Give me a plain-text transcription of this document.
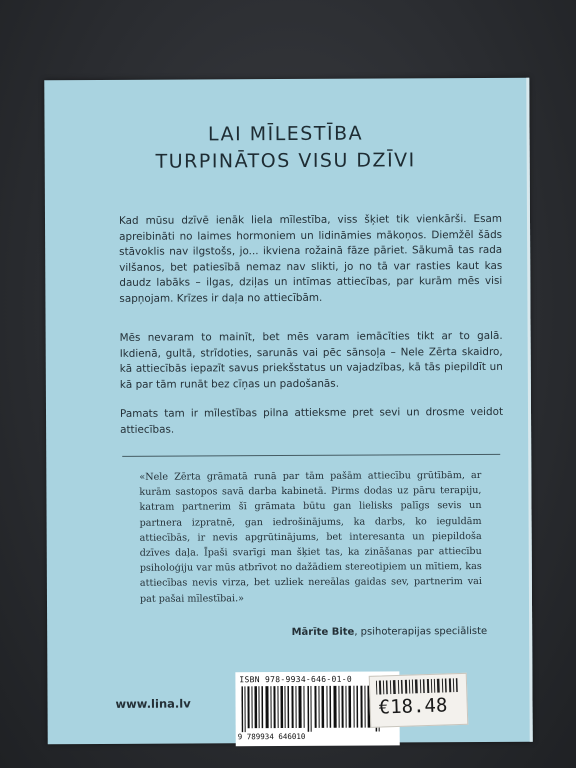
LAI MĪLESTĪBA
TURPINĀTOS VISU DZĪVI
Kad mūsu dzīvē ienāk liela mīlestība, viss šķiet tik vienkārši. Esam apreibināti no laimes hormoniem un lidināmies mākoņos. Diemžēl šāds stāvoklis nav ilgstošs, jo... ikviena rožainā fāze pāriet. Sākumā tas rada vilšanos, bet patiesībā nemaz nav slikti, jo no tā var rasties kaut kas daudz labāks – ilgas, dziļas un intīmas attiecības, par kurām mēs visi sapņojam. Krīzes ir daļa no attiecībām.
Mēs nevaram to mainīt, bet mēs varam iemācīties tikt ar to galā. Ikdienā, gultā, strīdoties, sarunās vai pēc sānsoļa – Nele Zērta skaidro, kā attiecībās iepazīt savus priekšstatus un vajadzības, kā tās piepildīt un kā par tām runāt bez cīņas un padošanās.
Pamats tam ir mīlestības pilna attieksme pret sevi un drosme veidot attiecības.
«Nele Zērta grāmatā runā par tām pašām attiecību grūtībām, ar kurām sastopos savā darba kabinetā. Pirms dodas uz pāru terapiju, katram partnerim šī grāmata būtu gan lielisks palīgs sevis un partnera izpratnē, gan iedrošinājums, ka darbs, ko ieguldām attiecībās, ir nevis apgrūtinājums, bet interesanta un piepildoša dzīves daļa. Īpaši svarīgi man šķiet tas, ka zināšanas par attiecību psiholoģiju var mūs atbrīvot no dažādiem stereotipiem un mītiem, kas attiecības nevis virza, bet uzliek nereālas gaidas sev, partnerim vai pat pašai mīlestībai.»
Mārīte Bite, psihoterapijas speciāliste
www.lina.lv
ISBN 978-9934-646-01-0
9 789934 646010
€18.48
